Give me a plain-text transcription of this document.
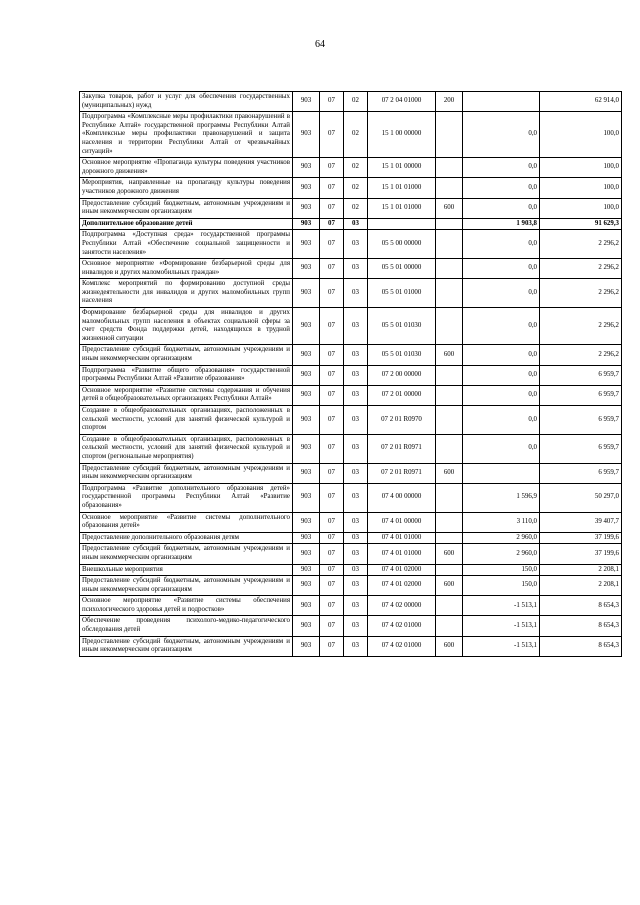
64
Закупка товаров, работ и услуг для обеспечения государственных (муниципальных) нужд	903	07	02	07 2 04 01000	200		62 914,0
Подпрограмма «Комплексные меры профилактики правонарушений в Республике Алтай» государственной программы Республики Алтай «Комплексные меры профилактики правонарушений и защита населения и территории Республики Алтай от чрезвычайных ситуаций»	903	07	02	15 1 00 00000		0,0	100,0
Основное мероприятие «Пропаганда культуры поведения участников дорожного движения»	903	07	02	15 1 01 00000		0,0	100,0
Мероприятия, направленные на пропаганду культуры поведения участников дорожного движения	903	07	02	15 1 01 01000		0,0	100,0
Предоставление субсидий бюджетным, автономным учреждениям и иным некоммерческим организациям	903	07	02	15 1 01 01000	600	0,0	100,0
Дополнительное образование детей	903	07	03			1 903,8	91 629,3
Подпрограмма «Доступная среда» государственной программы Республики Алтай «Обеспечение социальной защищенности и занятости населения»	903	07	03	05 5 00 00000		0,0	2 296,2
Основное мероприятие «Формирование безбарьерной среды для инвалидов и других маломобильных граждан»	903	07	03	05 5 01 00000		0,0	2 296,2
Комплекс мероприятий по формированию доступной среды жизнедеятельности для инвалидов и других маломобильных групп населения	903	07	03	05 5 01 01000		0,0	2 296,2
Формирование безбарьерной среды для инвалидов и других маломобильных групп населения в объектах социальной сферы за счет средств Фонда поддержки детей, находящихся в трудной жизненной ситуации	903	07	03	05 5 01 01030		0,0	2 296,2
Предоставление субсидий бюджетным, автономным учреждениям и иным некоммерческим организациям	903	07	03	05 5 01 01030	600	0,0	2 296,2
Подпрограмма «Развитие общего образования» государственной программы Республики Алтай «Развитие образования»	903	07	03	07 2 00 00000		0,0	6 959,7
Основное мероприятие «Развитие системы содержания и обучения детей в общеобразовательных организациях Республики Алтай»	903	07	03	07 2 01 00000		0,0	6 959,7
Создание в общеобразовательных организациях, расположенных в сельской местности, условий для занятий физической культурой и спортом	903	07	03	07 2 01 R0970		0,0	6 959,7
Создание в общеобразовательных организациях, расположенных в сельской местности, условий для занятий физической культурой и спортом (региональные мероприятия)	903	07	03	07 2 01 R0971		0,0	6 959,7
Предоставление субсидий бюджетным, автономным учреждениям и иным некоммерческим организациям	903	07	03	07 2 01 R0971	600		6 959,7
Подпрограмма «Развитие дополнительного образования детей» государственной программы Республики Алтай «Развитие образования»	903	07	03	07 4 00 00000		1 596,9	50 297,0
Основное мероприятие «Развитие системы дополнительного образования детей»	903	07	03	07 4 01 00000		3 110,0	39 407,7
Предоставление дополнительного образования детям	903	07	03	07 4 01 01000		2 960,0	37 199,6
Предоставление субсидий бюджетным, автономным учреждениям и иным некоммерческим организациям	903	07	03	07 4 01 01000	600	2 960,0	37 199,6
Внешкольные мероприятия	903	07	03	07 4 01 02000		150,0	2 208,1
Предоставление субсидий бюджетным, автономным учреждениям и иным некоммерческим организациям	903	07	03	07 4 01 02000	600	150,0	2 208,1
Основное мероприятие «Развитие системы обеспечения психологического здоровья детей и подростков»	903	07	03	07 4 02 00000		-1 513,1	8 654,3
Обеспечение проведения психолого-медико-педагогического обследования детей	903	07	03	07 4 02 01000		-1 513,1	8 654,3
Предоставление субсидий бюджетным, автономным учреждениям и иным некоммерческим организациям	903	07	03	07 4 02 01000	600	-1 513,1	8 654,3
